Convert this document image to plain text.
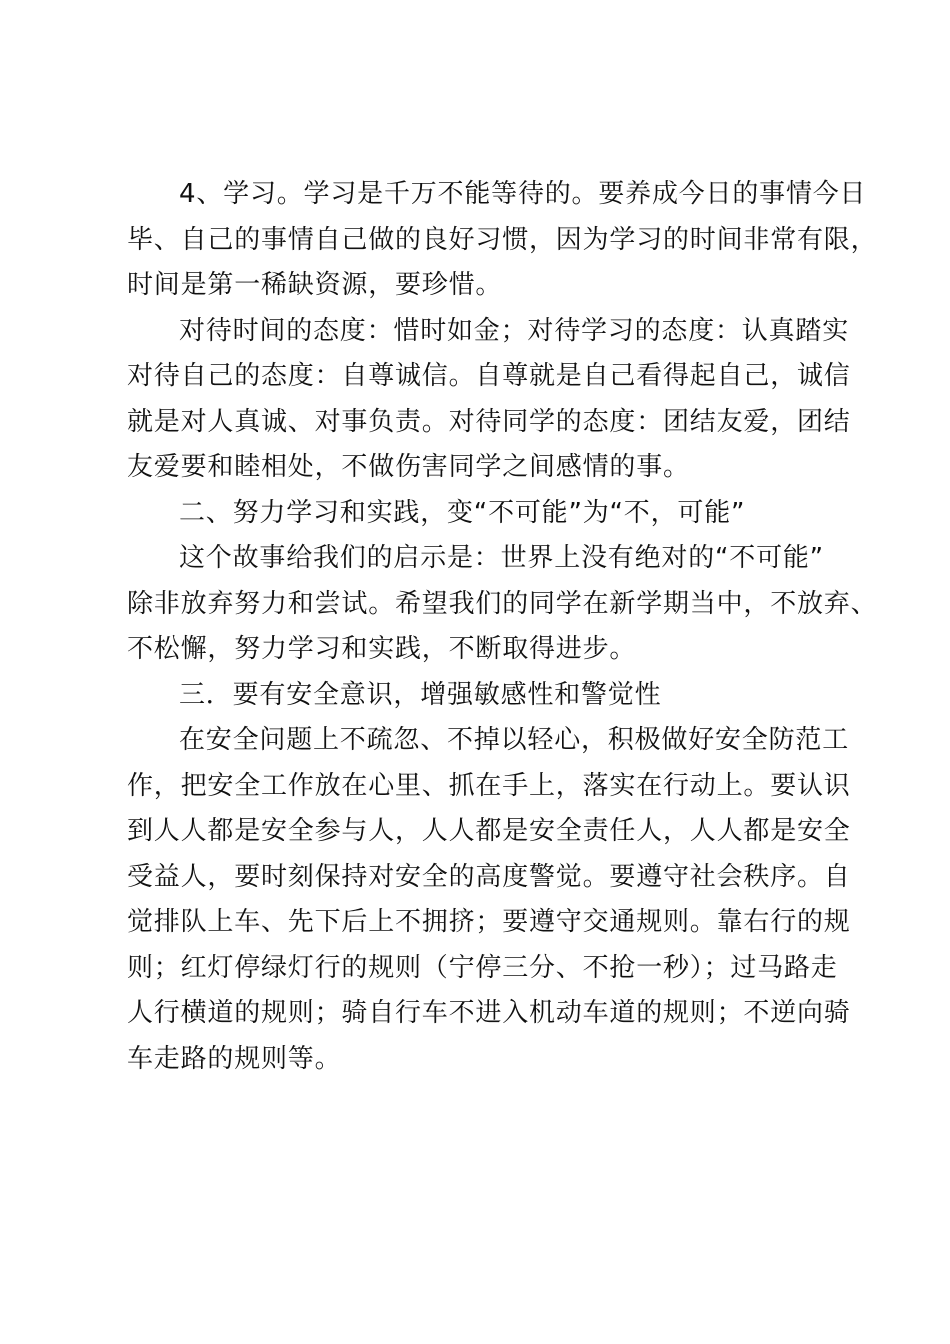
4、学习。学习是千万不能等待的。要养成今日的事情今日
毕、自己的事情自己做的良好习惯，因为学习的时间非常有限，
时间是第一稀缺资源，要珍惜。
对待时间的态度：惜时如金；对待学习的态度：认真踏实
对待自己的态度：自尊诚信。自尊就是自己看得起自己，诚信
就是对人真诚、对事负责。对待同学的态度：团结友爱，团结
友爱要和睦相处，不做伤害同学之间感情的事。
二、努力学习和实践，变“不可能”为“不，可能”
这个故事给我们的启示是：世界上没有绝对的“不可能”
除非放弃努力和尝试。希望我们的同学在新学期当中，不放弃、
不松懈，努力学习和实践，不断取得进步。
三．要有安全意识，增强敏感性和警觉性
在安全问题上不疏忽、不掉以轻心，积极做好安全防范工
作，把安全工作放在心里、抓在手上，落实在行动上。要认识
到人人都是安全参与人，人人都是安全责任人，人人都是安全
受益人，要时刻保持对安全的高度警觉。要遵守社会秩序。自
觉排队上车、先下后上不拥挤；要遵守交通规则。靠右行的规
则；红灯停绿灯行的规则（宁停三分、不抢一秒）；过马路走
人行横道的规则；骑自行车不进入机动车道的规则；不逆向骑
车走路的规则等。
